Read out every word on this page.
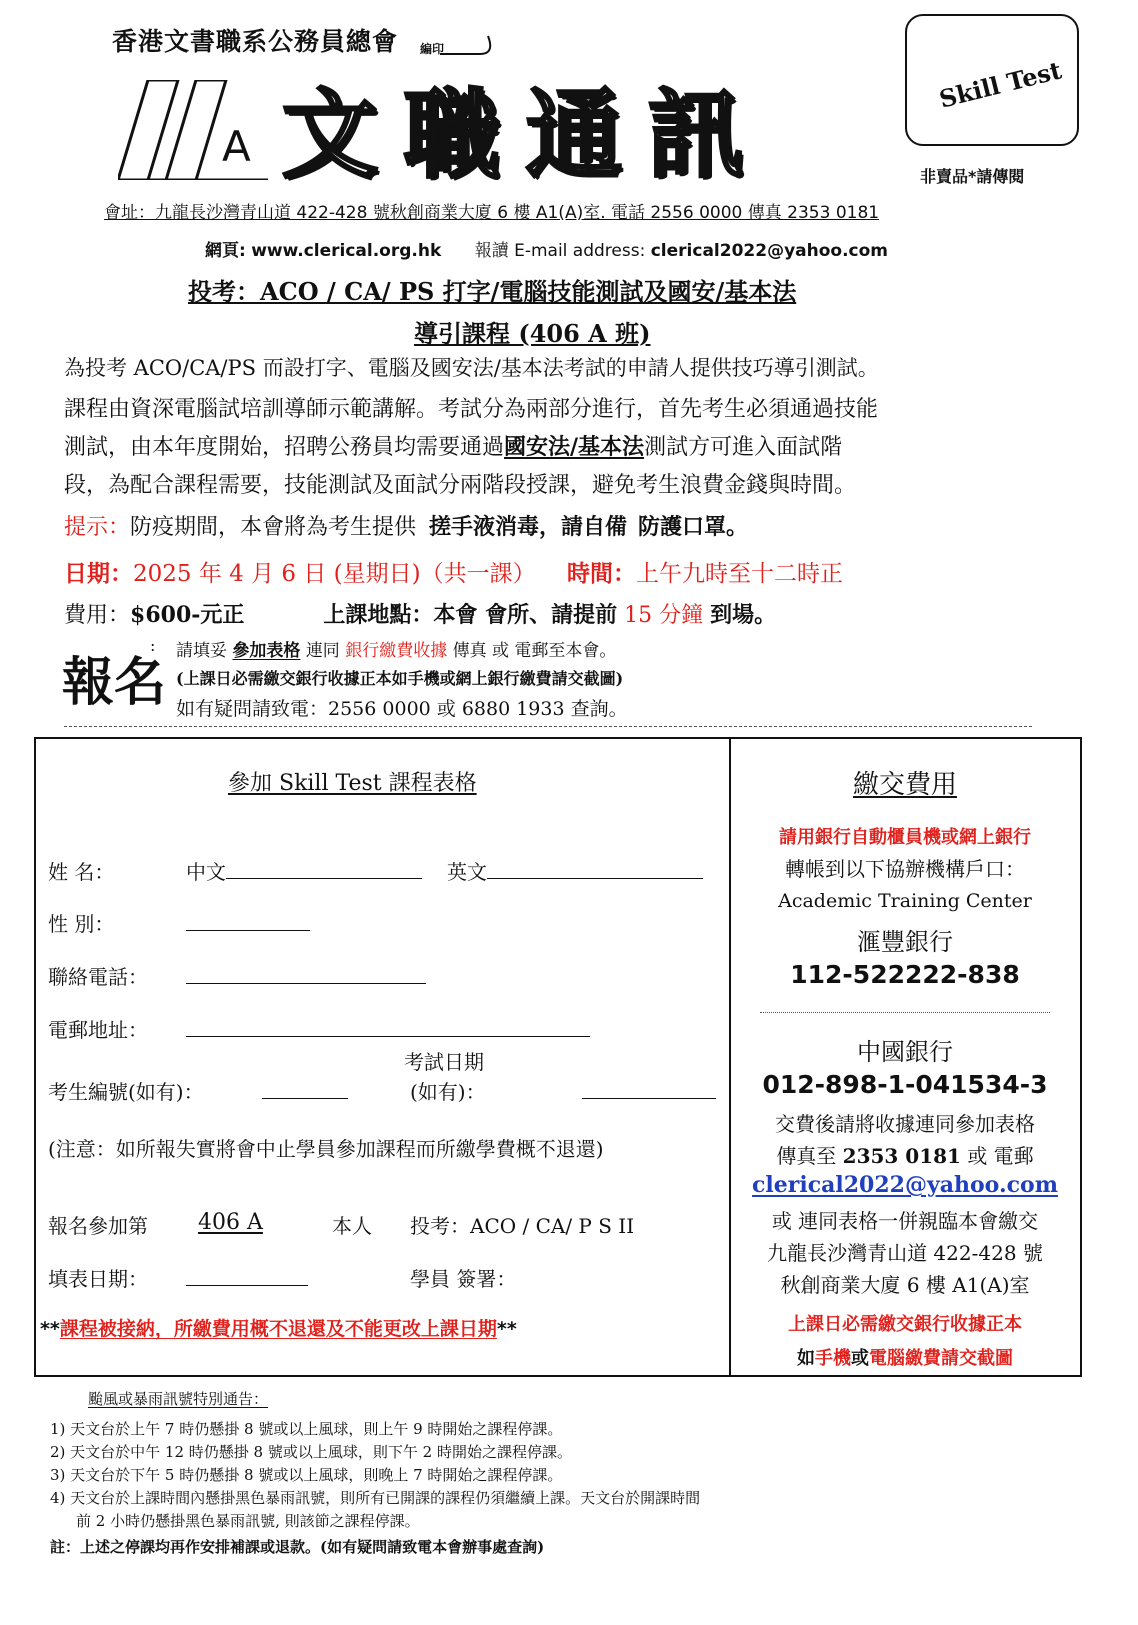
香港文書職系公務員總會 編印
A 文職通訊	Skill Test
非賣品*請傳閱
會址：九龍長沙灣青山道 422-428 號秋創商業大廈 6 樓 A1(A)室. 電話 2556 0000 傳真 2353 0181
網頁: www.clerical.org.hk 報讀 E-mail address: clerical2022@yahoo.com
投考：ACO / CA/ PS 打字/電腦技能測試及國安/基本法
導引課程 (406 A 班)
為投考 ACO/CA/PS 而設打字、電腦及國安法/基本法考試的申請人提供技巧導引測試。
課程由資深電腦試培訓導師示範講解。考試分為兩部分進行，首先考生必須通過技能
測試，由本年度開始，招聘公務員均需要通過國安法/基本法測試方可進入面試階
段，為配合課程需要，技能測試及面試分兩階段授課，避免考生浪費金錢與時間。
提示：防疫期間，本會將為考生提供 搓手液消毒，請自備 防護口罩。
日期：2025 年 4 月 6 日 (星期日)（共一課） 時間：上午九時至十二時正
費用：$600-元正	上課地點：本會 會所、請提前 15 分鐘 到場。
報名
: 請填妥 參加表格 連同 銀行繳費收據 傳真 或 電郵至本會。
(上課日必需繳交銀行收據正本如手機或網上銀行繳費請交截圖)
如有疑問請致電：2556 0000 或 6880 1933 查詢。
參加 Skill Test 課程表格
姓 名：	中文	英文
性 別：
聯絡電話：
電郵地址：
考試日期
考生編號(如有)：	(如有)：
(注意：如所報失實將會中止學員參加課程而所繳學費概不退還)
報名參加第 406 A	本人 投考：ACO / CA/ P S II
填表日期：	學員 簽署：
**課程被接納，所繳費用概不退還及不能更改上課日期**
繳交費用
請用銀行自動櫃員機或網上銀行
轉帳到以下協辦機構戶口：
Academic Training Center
滙豐銀行
112-522222-838
中國銀行
012-898-1-041534-3
交費後請將收據連同參加表格
傳真至 2353 0181 或 電郵
clerical2022@yahoo.com
或 連同表格一併親臨本會繳交
九龍長沙灣青山道 422-428 號
秋創商業大廈 6 樓 A1(A)室
上課日必需繳交銀行收據正本
如手機或電腦繳費請交截圖
颱風或暴雨訊號特別通告：
1) 天文台於上午 7 時仍懸掛 8 號或以上風球，則上午 9 時開始之課程停課。
2) 天文台於中午 12 時仍懸掛 8 號或以上風球，則下午 2 時開始之課程停課。
3) 天文台於下午 5 時仍懸掛 8 號或以上風球，則晚上 7 時開始之課程停課。
4) 天文台於上課時間內懸掛黑色暴雨訊號，則所有已開課的課程仍須繼續上課。天文台於開課時間
前 2 小時仍懸掛黑色暴雨訊號, 則該節之課程停課。
註：上述之停課均再作安排補課或退款。(如有疑問請致電本會辦事處查詢)
